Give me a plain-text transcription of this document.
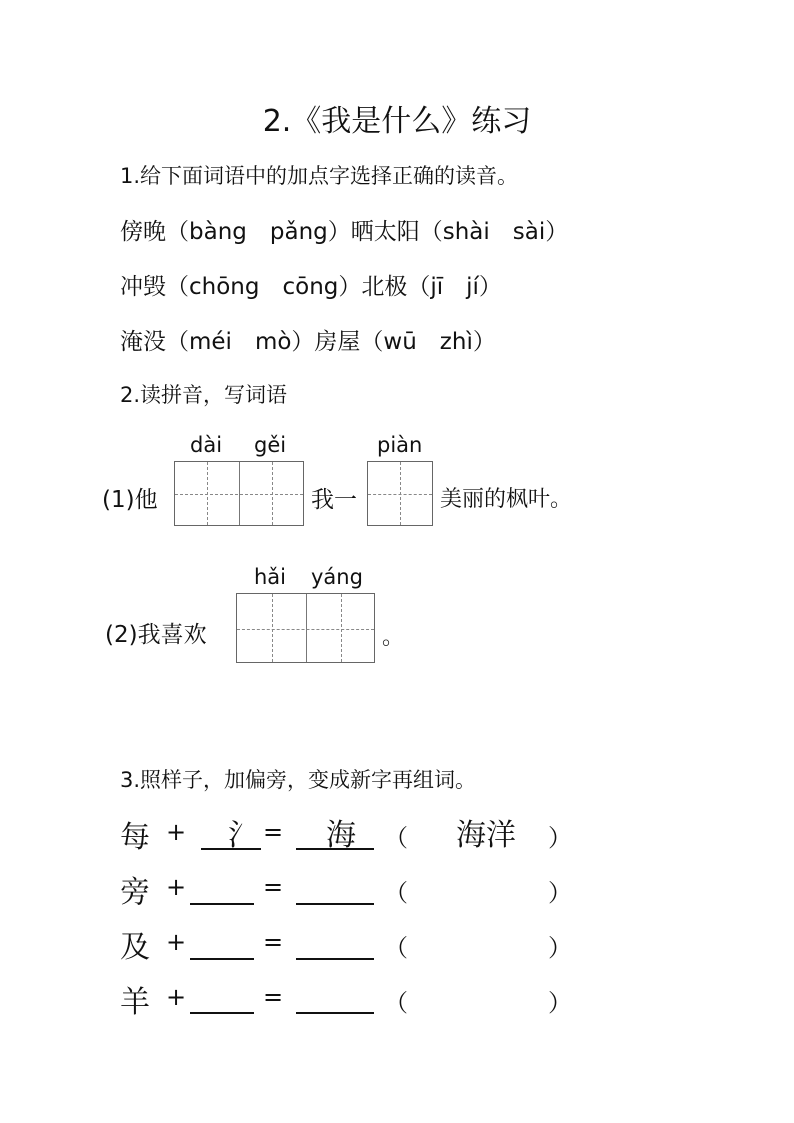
2.《我是什么》练习
1.给下面词语中的加点字选择正确的读音。
傍晚（bàng　pǎng）晒太阳（shài　sài）
冲毁（chōng　cōng）北极（jī　jí）
淹没（méi　mò）房屋（wū　zhì）
2.读拼音，写词语
dài gěi	piàn
(1)他	我一	美丽的枫叶。
hǎi yáng
(2)我喜欢	。
3.照样子，加偏旁，变成新字再组词。
每 + 氵 = 海 （ 海洋 ）
旁 +	=	（	）
及 +	=	（	）
羊 +	=	（	）
